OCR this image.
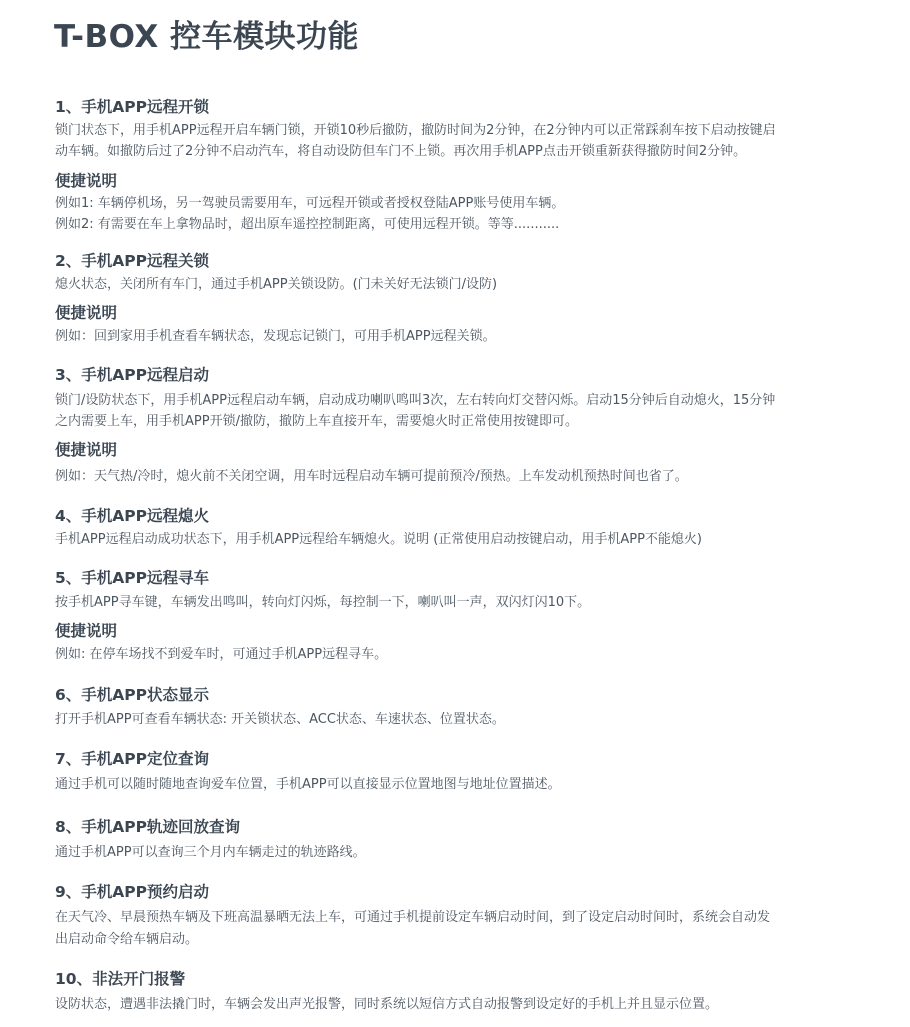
T-BOX 控车模块功能
1、手机APP远程开锁
锁门状态下，用手机APP远程开启车辆门锁，开锁10秒后撤防，撤防时间为2分钟，在2分钟内可以正常踩刹车按下启动按键启
动车辆。如撤防后过了2分钟不启动汽车，将自动设防但车门不上锁。再次用手机APP点击开锁重新获得撤防时间2分钟。
便捷说明
例如1: 车辆停机场，另一驾驶员需要用车，可远程开锁或者授权登陆APP账号使用车辆。
例如2: 有需要在车上拿物品时，超出原车遥控控制距离，可使用远程开锁。等等...........
2、手机APP远程关锁
熄火状态，关闭所有车门，通过手机APP关锁设防。(门未关好无法锁门/设防)
便捷说明
例如：回到家用手机查看车辆状态，发现忘记锁门，可用手机APP远程关锁。
3、手机APP远程启动
锁门/设防状态下，用手机APP远程启动车辆，启动成功喇叭鸣叫3次，左右转向灯交替闪烁。启动15分钟后自动熄火，15分钟
之内需要上车，用手机APP开锁/撤防，撤防上车直接开车，需要熄火时正常使用按键即可。
便捷说明
例如：天气热/冷时，熄火前不关闭空调，用车时远程启动车辆可提前预冷/预热。上车发动机预热时间也省了。
4、手机APP远程熄火
手机APP远程启动成功状态下，用手机APP远程给车辆熄火。说明 (正常使用启动按键启动，用手机APP不能熄火)
5、手机APP远程寻车
按手机APP寻车键，车辆发出鸣叫，转向灯闪烁，每控制一下，喇叭叫一声，双闪灯闪10下。
便捷说明
例如: 在停车场找不到爱车时，可通过手机APP远程寻车。
6、手机APP状态显示
打开手机APP可查看车辆状态: 开关锁状态、ACC状态、车速状态、位置状态。
7、手机APP定位查询
通过手机可以随时随地查询爱车位置，手机APP可以直接显示位置地图与地址位置描述。
8、手机APP轨迹回放查询
通过手机APP可以查询三个月内车辆走过的轨迹路线。
9、手机APP预约启动
在天气冷、早晨预热车辆及下班高温暴晒无法上车，可通过手机提前设定车辆启动时间，到了设定启动时间时，系统会自动发
出启动命令给车辆启动。
10、非法开门报警
设防状态，遭遇非法撬门时，车辆会发出声光报警，同时系统以短信方式自动报警到设定好的手机上并且显示位置。
